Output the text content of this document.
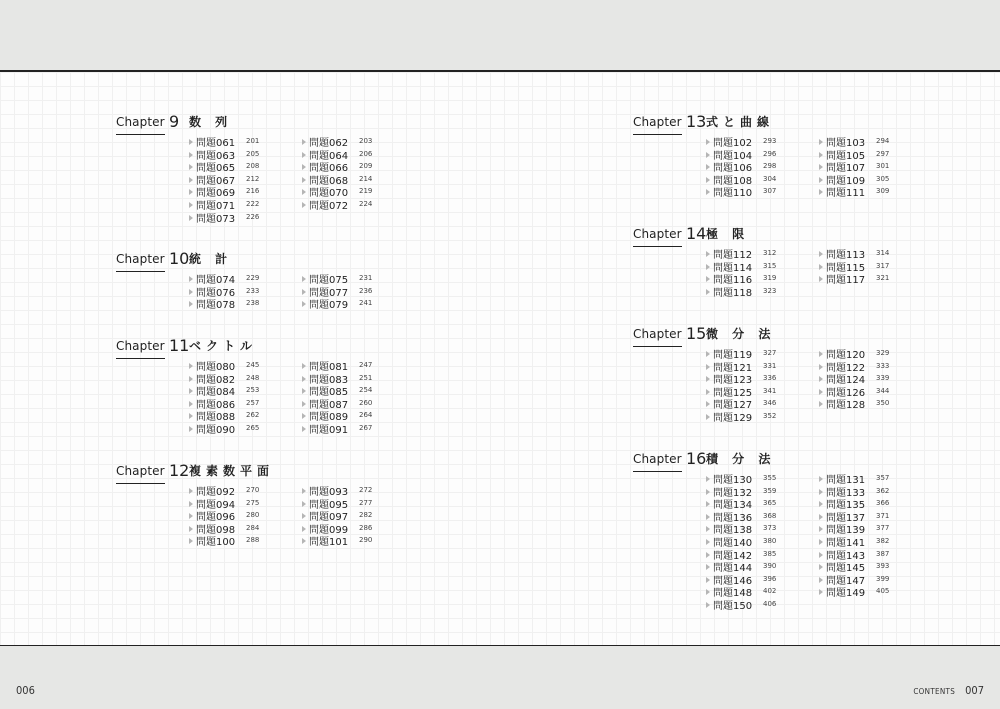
006	CONTENTS 007
Chapter 9 数 列
問題061 201	問題062 203
問題063 205	問題064 206
問題065 208	問題066 209
問題067 212	問題068 214
問題069 216	問題070 219
問題071 222	問題072 224
問題073 226
Chapter 10 統 計
問題074 229	問題075 231
問題076 233	問題077 236
問題078 238	問題079 241
Chapter 11 ベクトル
問題080 245	問題081 247
問題082 248	問題083 251
問題084 253	問題085 254
問題086 257	問題087 260
問題088 262	問題089 264
問題090 265	問題091 267
Chapter 12 複素数平面
問題092 270	問題093 272
問題094 275	問題095 277
問題096 280	問題097 282
問題098 284	問題099 286
問題100 288	問題101 290
Chapter 13 式と曲線
問題102 293	問題103 294
問題104 296	問題105 297
問題106 298	問題107 301
問題108 304	問題109 305
問題110 307	問題111 309
Chapter 14 極 限
問題112 312	問題113 314
問題114 315	問題115 317
問題116 319	問題117 321
問題118 323
Chapter 15 微 分 法
問題119 327	問題120 329
問題121 331	問題122 333
問題123 336	問題124 339
問題125 341	問題126 344
問題127 346	問題128 350
問題129 352
Chapter 16 積 分 法
問題130 355	問題131 357
問題132 359	問題133 362
問題134 365	問題135 366
問題136 368	問題137 371
問題138 373	問題139 377
問題140 380	問題141 382
問題142 385	問題143 387
問題144 390	問題145 393
問題146 396	問題147 399
問題148 402	問題149 405
問題150 406
